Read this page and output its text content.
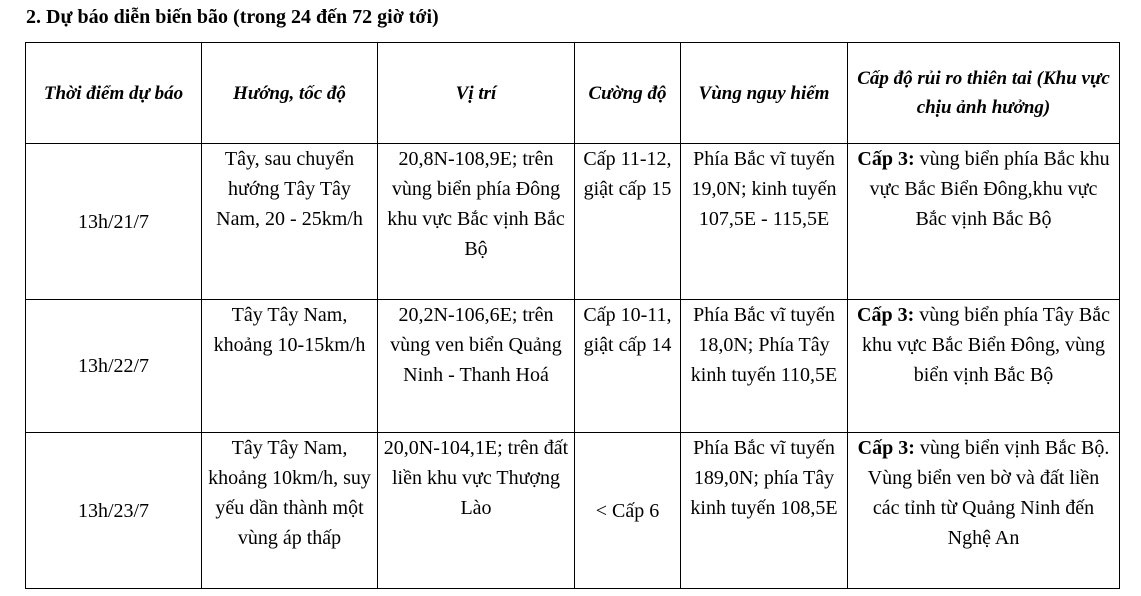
2. Dự báo diễn biến bão (trong 24 đến 72 giờ tới)
Thời điểm dự báo	Hướng, tốc độ	Vị trí	Cường độ	Vùng nguy hiểm	Cấp độ rủi ro thiên tai (Khu vực chịu ảnh hưởng)
13h/21/7	Tây, sau chuyển hướng Tây Tây Nam, 20 - 25km/h	20,8N-108,9E; trên vùng biển phía Đông khu vực Bắc vịnh Bắc Bộ	Cấp 11-12, giật cấp 15	Phía Bắc vĩ tuyến 19,0N; kinh tuyến 107,5E - 115,5E	Cấp 3: vùng biển phía Bắc khu vực Bắc Biển Đông,khu vực Bắc vịnh Bắc Bộ
13h/22/7	Tây Tây Nam, khoảng 10-15km/h	20,2N-106,6E; trên vùng ven biển Quảng Ninh - Thanh Hoá	Cấp 10-11, giật cấp 14	Phía Bắc vĩ tuyến 18,0N; Phía Tây kinh tuyến 110,5E	Cấp 3: vùng biển phía Tây Bắc khu vực Bắc Biển Đông, vùng biển vịnh Bắc Bộ
13h/23/7	Tây Tây Nam, khoảng 10km/h, suy yếu dần thành một vùng áp thấp	20,0N-104,1E; trên đất liền khu vực Thượng Lào	< Cấp 6	Phía Bắc vĩ tuyến 189,0N; phía Tây kinh tuyến 108,5E	Cấp 3: vùng biển vịnh Bắc Bộ. Vùng biển ven bờ và đất liền các tỉnh từ Quảng Ninh đến Nghệ An
